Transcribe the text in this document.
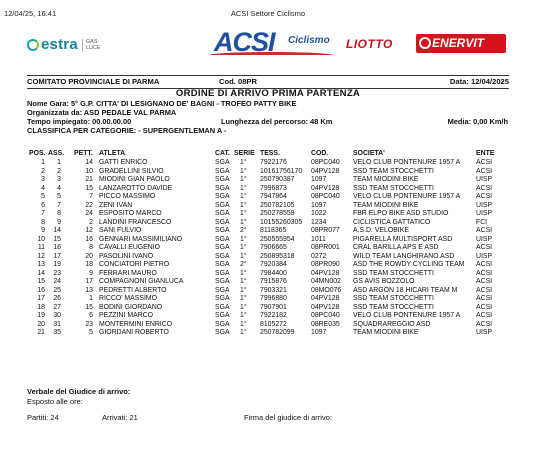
12/04/25, 16:41	ACSI Settore Ciclismo
estra	GAS
LUCE	ACSI Ciclismo LIOTTO	ENERVIT
COMITATO PROVINCIALE DI PARMA	Cod. 08PR	Data: 12/04/2025
ORDINE DI ARRIVO PRIMA PARTENZA
Nome Gara: 5° G.P. CITTA' DI LESIGNANO DE' BAGNI - TROFEO PATTY BIKE
Organizzata da: ASD PEDALE VAL PARMA
Tempo impiegato: 00.00.00.00	Lunghezza del percorso: 48 Km	Media: 0,00 Km/h
CLASSIFICA PER CATEGORIE: - SUPERGENTLEMAN A -
POS. ASS. PETT. ATLETA	CAT. SERIE TESS.	COD.	SOCIETA'	ENTE
1	1	14 GATTI ENRICO	SGA 1° 7922176	08PC040 VELO CLUB PONTENURE 1957 A ACSI
2	2	10 GRADELLINI SILVIO	SGA 1° 10161756170 04PV128 SSD TEAM STOCCHETTI	ACSI
3	3	21 MIODINI GIAN PAOLO	SGA 1° 250790387 1097	TEAM MIODINI BIKE	UISP
4	4	15 LANZAROTTO DAVIDE	SGA 1° 7996873	04PV128 SSD TEAM STOCCHETTI	ACSI
5	5	7 PICCO MASSIMO	SGA 1° 7947864	08PC040 VELO CLUB PONTENURE 1957 A ACSI
6	7	22 ZENI IVAN	SGA 1° 250782105 1097	TEAM MIODINI BIKE	UISP
7	8	24 ESPOSITO MARCO	SGA 1° 250278559 1022	FBR ELPO BIKE ASD STUDIO	UISP
8	9	2 LANDINI FRANCESCO	SGA 1° 10155260305 1234	CICLISTICA GATTATICO	FCI
9	14	12 SANI FULVIO	SGA 2° 8118365	08PR077 A.S.D. VELOBIKE	ACSI
10	15	16 GENNARI MASSIMILIANO	SGA 1° 250555954 1011	PIGARELLA MULTISPORT ASD	UISP
11	16	8 CAVALLI EUGENIO	SGA 1° 7906665	08PR001 CRAL BARILLA APS E ASD	ACSI
12	17	20 PASOLINI IVANO	SGA 1° 250895318 0272	WILD TEAM LANGHIRANO ASD	UISP
13	19	18 CONCIATORI PIETRO	SGA 2° 7920384	08PR090 ASD THE ROWDY CYCLING TEAM ACSI
14	23	9 FERRARI MAURO	SGA 1° 7984400	04PV128 SSD TEAM STOCCHETTI	ACSI
15	24	17 COMPAGNONI GIANLUCA	SGA 1° 7915876	04MN002 GS AVIS BOZZOLO	ACSI
16	25	13 PEDRETTI ALBERTO	SGA 1° 7903321	08MO076 ASD ARGON 18 HICARI TEAM M	ACSI
17	26	1 RICCO' MASSIMO	SGA 1° 7996880	04PV128 SSD TEAM STOCCHETTI	ACSI
18	27	15 BODINI GIORDANO	SGA 1° 7907901	04PV128 SSD TEAM STOCCHETTI	ACSI
19	30	6 PEZZINI MARCO	SGA 1° 7922182	08PC040 VELO CLUB PONTENURE 1957 A ACSI
20	31	23 MONTERMINI ENRICO	SGA 1° 8105272	08RE035 SQUADRAREGGIO ASD	ACSI
21	35	5 GIORDANI ROBERTO	SGA 1° 250782099 1097	TEAM MIODINI BIKE	UISP
Verbale del Giudice di arrivo:
Esposto alle ore:
Partiti: 24	Arrivati: 21	Firma del giudice di arrivo:
